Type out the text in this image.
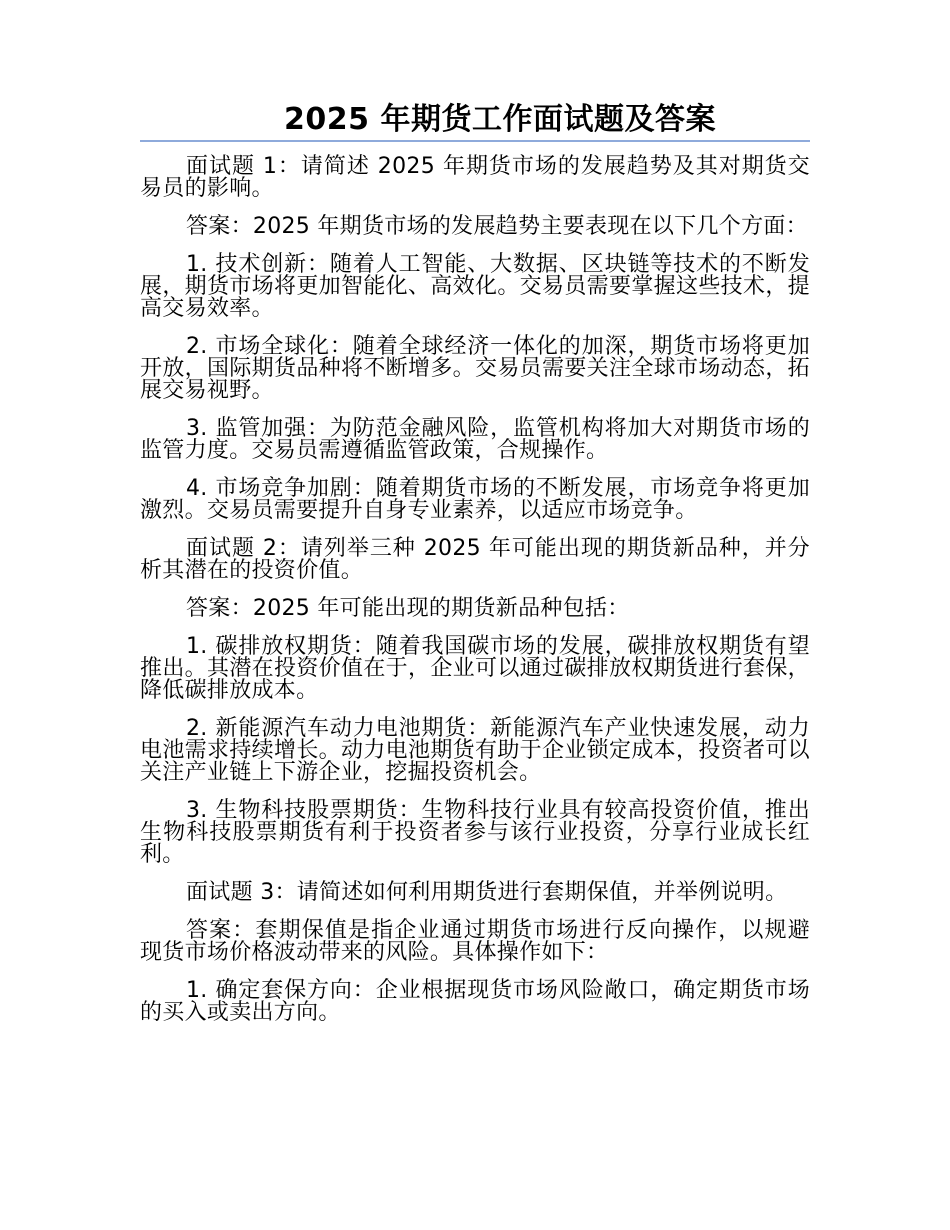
2025 年期货工作面试题及答案

面试题 1：请简述 2025 年期货市场的发展趋势及其对期货交易员的影响。

答案：2025 年期货市场的发展趋势主要表现在以下几个方面：

1. 技术创新：随着人工智能、大数据、区块链等技术的不断发展，期货市场将更加智能化、高效化。交易员需要掌握这些技术，提高交易效率。

2. 市场全球化：随着全球经济一体化的加深，期货市场将更加开放，国际期货品种将不断增多。交易员需要关注全球市场动态，拓展交易视野。

3. 监管加强：为防范金融风险，监管机构将加大对期货市场的监管力度。交易员需遵循监管政策，合规操作。

4. 市场竞争加剧：随着期货市场的不断发展，市场竞争将更加激烈。交易员需要提升自身专业素养，以适应市场竞争。

面试题 2：请列举三种 2025 年可能出现的期货新品种，并分析其潜在的投资价值。

答案：2025 年可能出现的期货新品种包括：

1. 碳排放权期货：随着我国碳市场的发展，碳排放权期货有望推出。其潜在投资价值在于，企业可以通过碳排放权期货进行套保，降低碳排放成本。

2. 新能源汽车动力电池期货：新能源汽车产业快速发展，动力电池需求持续增长。动力电池期货有助于企业锁定成本，投资者可以关注产业链上下游企业，挖掘投资机会。

3. 生物科技股票期货：生物科技行业具有较高投资价值，推出生物科技股票期货有利于投资者参与该行业投资，分享行业成长红利。

面试题 3：请简述如何利用期货进行套期保值，并举例说明。

答案：套期保值是指企业通过期货市场进行反向操作，以规避现货市场价格波动带来的风险。具体操作如下：

1. 确定套保方向：企业根据现货市场风险敞口，确定期货市场的买入或卖出方向。
